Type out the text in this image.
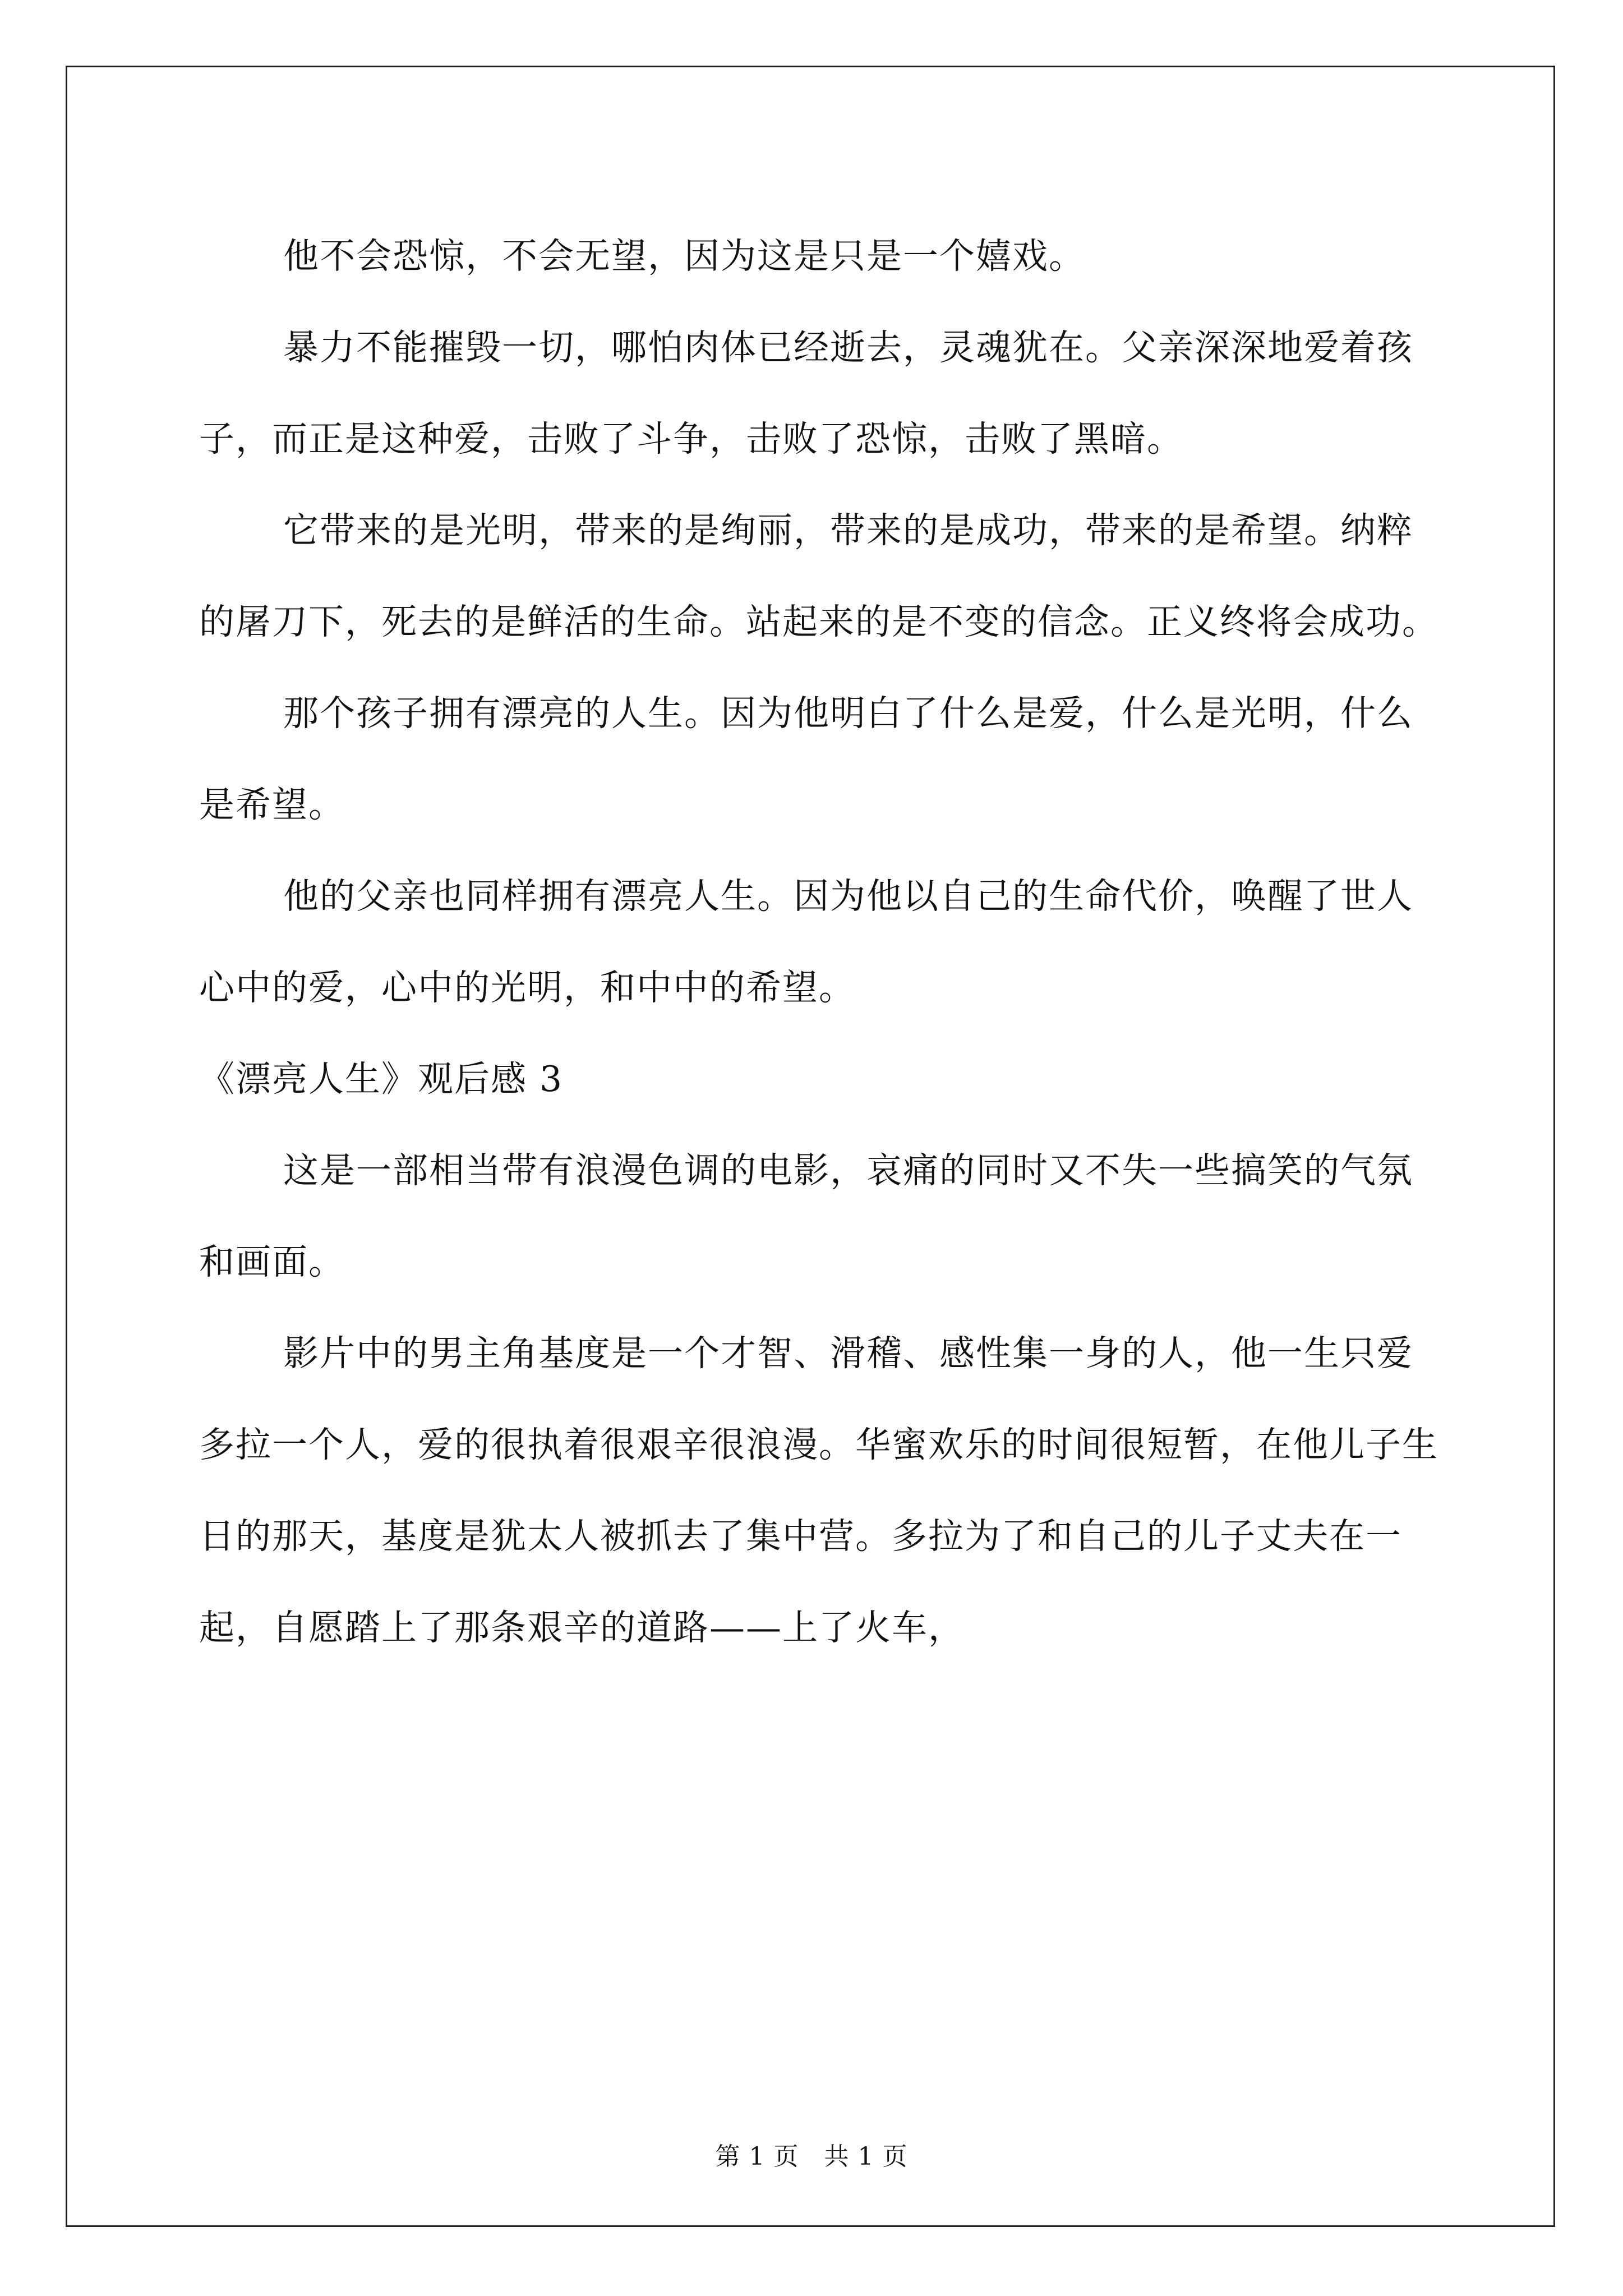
他不会恐惊，不会无望，因为这是只是一个嬉戏。

暴力不能摧毁一切，哪怕肉体已经逝去，灵魂犹在。父亲深深地爱着孩子，而正是这种爱，击败了斗争，击败了恐惊，击败了黑暗。

它带来的是光明，带来的是绚丽，带来的是成功，带来的是希望。纳粹的屠刀下，死去的是鲜活的生命。站起来的是不变的信念。正义终将会成功。

那个孩子拥有漂亮的人生。因为他明白了什么是爱，什么是光明，什么是希望。

他的父亲也同样拥有漂亮人生。因为他以自己的生命代价，唤醒了世人心中的爱，心中的光明，和中中的希望。

《漂亮人生》观后感 3

这是一部相当带有浪漫色调的电影，哀痛的同时又不失一些搞笑的气氛和画面。

影片中的男主角基度是一个才智、滑稽、感性集一身的人，他一生只爱多拉一个人，爱的很执着很艰辛很浪漫。华蜜欢乐的时间很短暂，在他儿子生日的那天，基度是犹太人被抓去了集中营。多拉为了和自己的儿子丈夫在一起，自愿踏上了那条艰辛的道路——上了火车，

第 1 页　共 1 页
